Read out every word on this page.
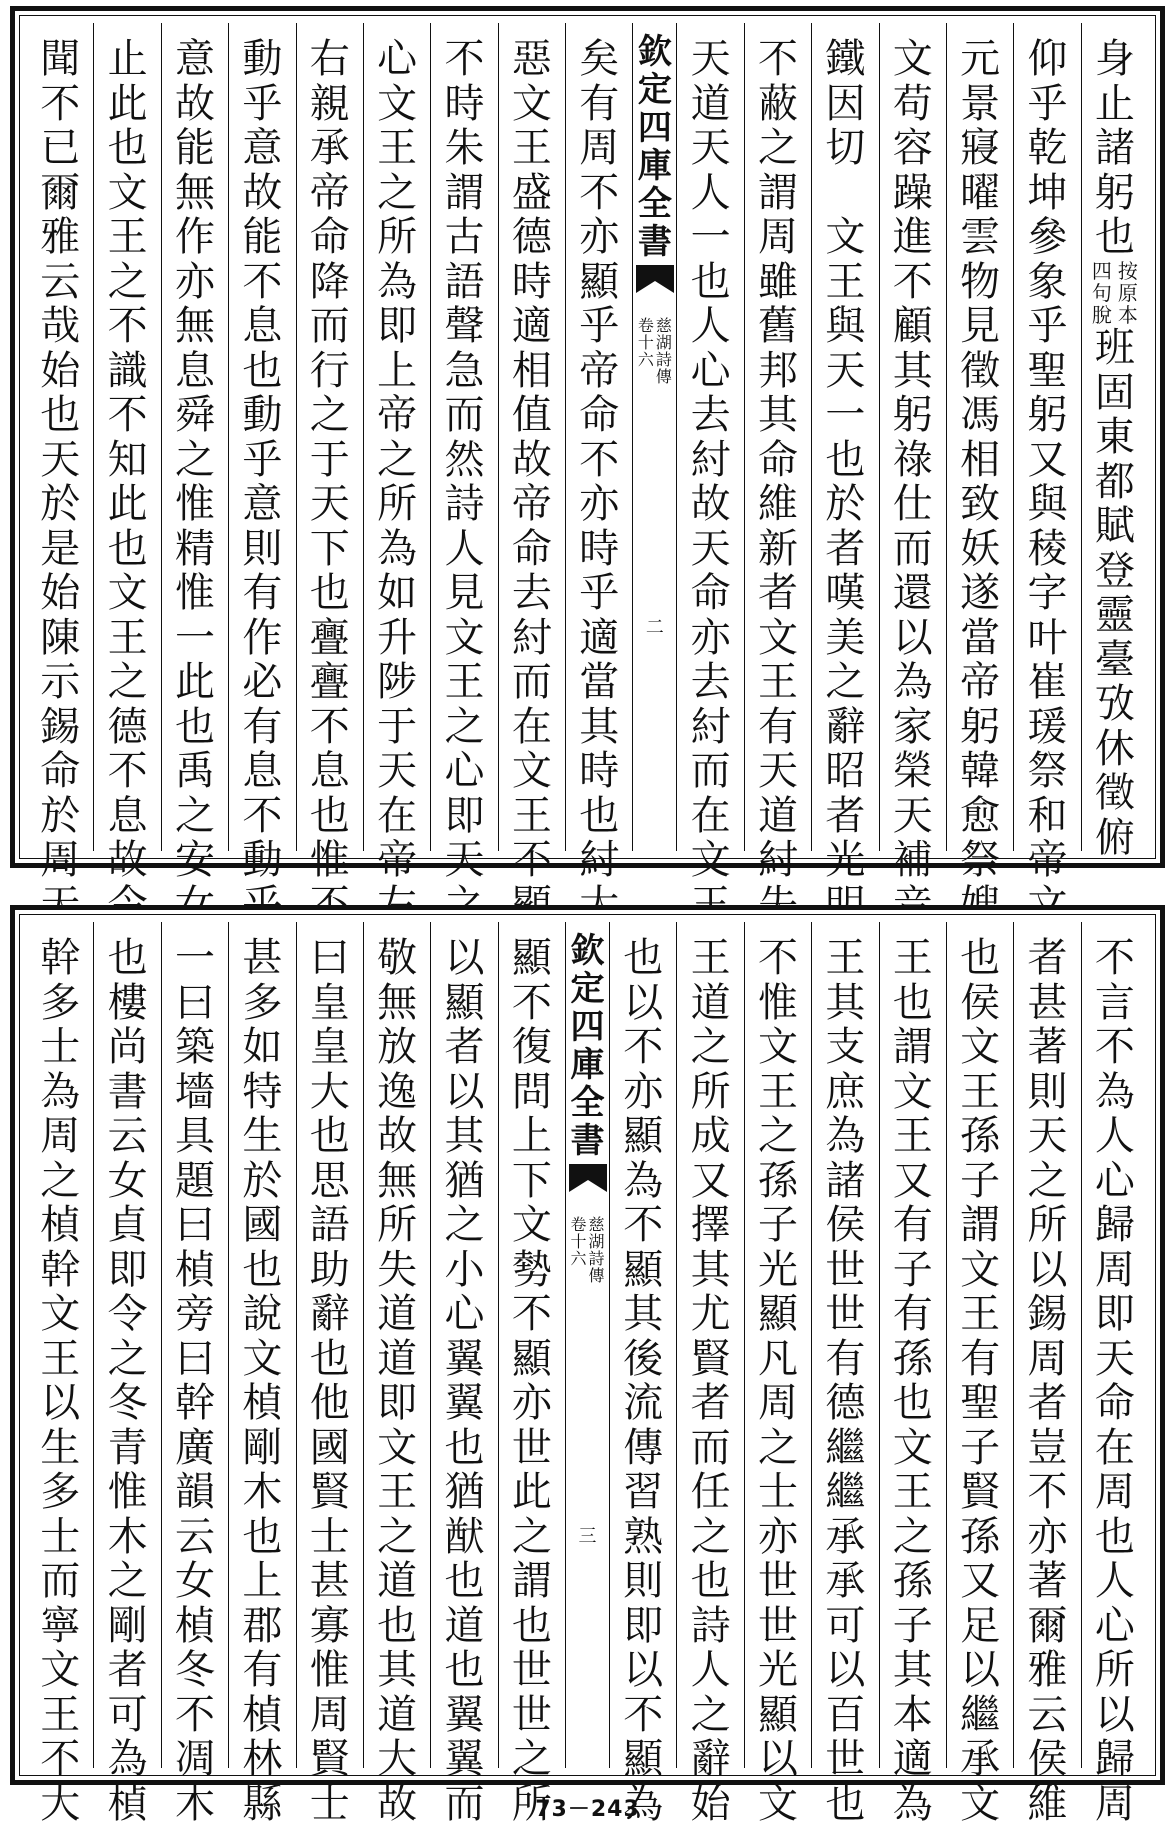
身
止
諸
躬
也
按
原
本
四
句
脫
班
固
東
都
賦
登
靈
臺
攷
休
徵
俯
仰
乎
乾
坤
參
象
乎
聖
躬
又
與
稜
字
叶
崔
瑗
祭
和
帝
元
景
寢
曜
雲
物
見
徵
馮
相
致
妖
遂
當
帝
躬
韓
愈
祭
文
苟
容
躁
進
不
顧
其
躬
祿
仕
而
還
以
為
家
榮
天
補
鐵
因
切

文
王
與
天
一
也
於
者
嘆
美
之
辭
昭
者
光
不
蔽
之
謂
周
雖
舊
邦
其
命
維
新
者
文
王
有
天
道
紂
天
道
天
人
一
也
人
心
去
紂
故
天
命
亦
去
紂
而
在
文
欽
定
四
庫
全
書
慈
湖
詩
傳
卷
十
六
二
矣
有
周
不
亦
顯
乎
帝
命
不
亦
時
乎
適
當
其
時
也
紂
惡
文
王
盛
德
時
適
相
值
故
帝
命
去
紂
而
在
文
王
不
不
時
朱
謂
古
語
聲
急
而
然
詩
人
見
文
王
之
心
即
天
心
文
王
之
所
為
即
上
帝
之
所
為
如
升
陟
于
天
在
帝
右
親
承
帝
命
降
而
行
之
于
天
下
也
亹
亹
不
息
也
惟
動
乎
意
故
能
不
息
也
動
乎
意
則
有
作
必
有
息
不
動
意
故
能
無
作
亦
無
息
舜
之
惟
精
惟
一
此
也
禹
之
安
止
此
也
文
王
之
不
識
不
知
此
也
文
王
之
德
不
息
故
聞
不
已
爾
雅
云
哉
始
也
天
於
是
始
陳
示
錫
命
於
周
不
言
不
為
人
心
歸
周
即
天
命
在
周
也
人
心
所
以
歸
周
者
甚
著
則
天
之
所
以
錫
周
者
豈
不
亦
著
爾
雅
云
侯
維
也
侯
文
王
孫
子
謂
文
王
有
聖
子
賢
孫
又
足
以
繼
承
文
王
也
謂
文
王
又
有
子
有
孫
也
文
王
之
孫
子
其
本
適
為
王
其
支
庶
為
諸
侯
世
世
有
德
繼
繼
承
承
可
以
百
世
也
不
惟
文
王
之
孫
子
光
顯
凡
周
之
士
亦
世
世
光
顯
以
文
王
道
之
所
成
又
擇
其
尤
賢
者
而
任
之
也
詩
人
之
辭
始
也
以
不
亦
顯
為
不
顯
其
後
流
傳
習
熟
則
即
以
不
顯
為
欽
定
四
庫
全
書
慈
湖
詩
傳
卷
十
六
三
顯
不
復
問
上
下
文
勢
不
顯
亦
世
此
之
謂
也
世
世
之
所
以
顯
者
以
其
猶
之
小
心
翼
翼
也
猶
猷
也
道
也
翼
翼
而
敬
無
放
逸
故
無
所
失
道
道
即
文
王
之
道
也
其
道
大
故
曰
皇
皇
大
也
思
語
助
辭
也
他
國
賢
士
甚
寡
惟
周
賢
士
甚
多
如
特
生
於
國
也
說
文
楨
剛
木
也
上
郡
有
楨
林
縣
一
曰
築
墻
具
題
曰
楨
旁
曰
幹
廣
韻
云
女
楨
冬
不
凋
木
也
樓
尚
書
云
女
貞
即
令
之
冬
青
惟
木
之
剛
者
可
為
楨
幹
多
士
為
周
之
楨
幹
文
王
以
生
多
士
而
寧
文
王
不
大	73－243
